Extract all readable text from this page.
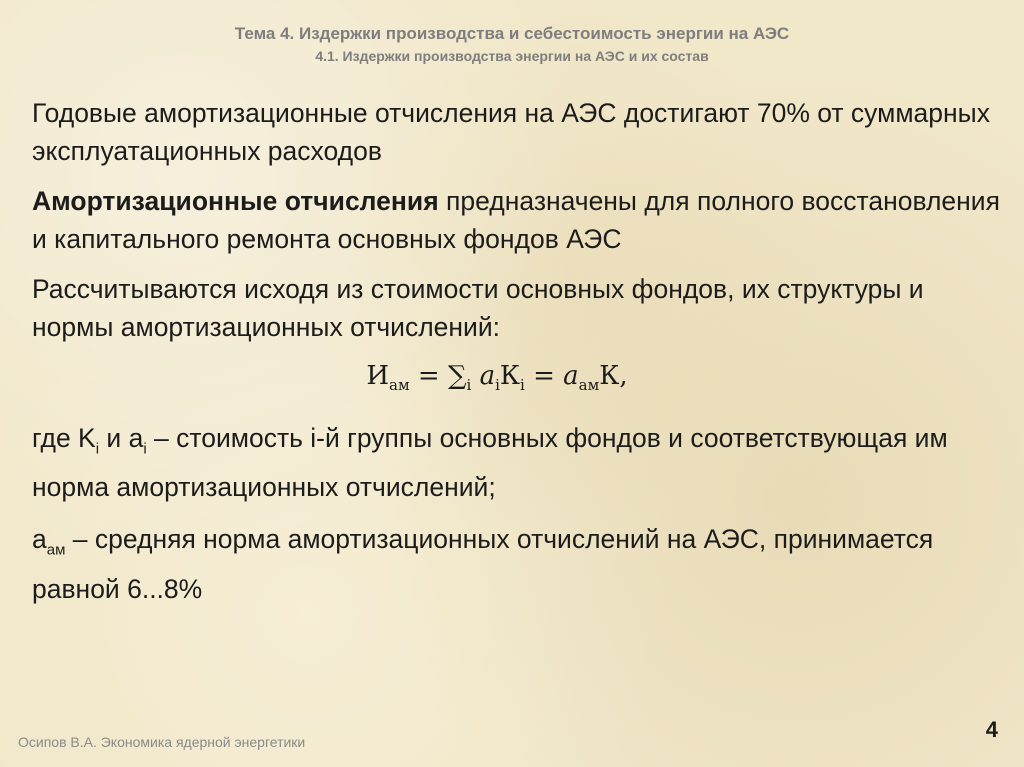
Тема 4. Издержки производства и себестоимость энергии на АЭС
4.1. Издержки производства энергии на АЭС и их состав

Годовые амортизационные отчисления на АЭС достигают 70% от суммарных эксплуатационных расходов

Амортизационные отчисления предназначены для полного восстановления и капитального ремонта основных фондов АЭС

Рассчитываются исходя из стоимости основных фондов, их структуры и нормы амортизационных отчислений:

$И_{ам} = \sum_i$ $a_iК_i = a_{ам}К$,

где $K_i$ и $a_i$ – стоимость i-й группы основных фондов и соответствующая им норма амортизационных отчислений;

$a_{ам}$ – средняя норма амортизационных отчислений на АЭС, принимается равной 6...8%

Осипов В.А. Экономика ядерной энергетики	4
